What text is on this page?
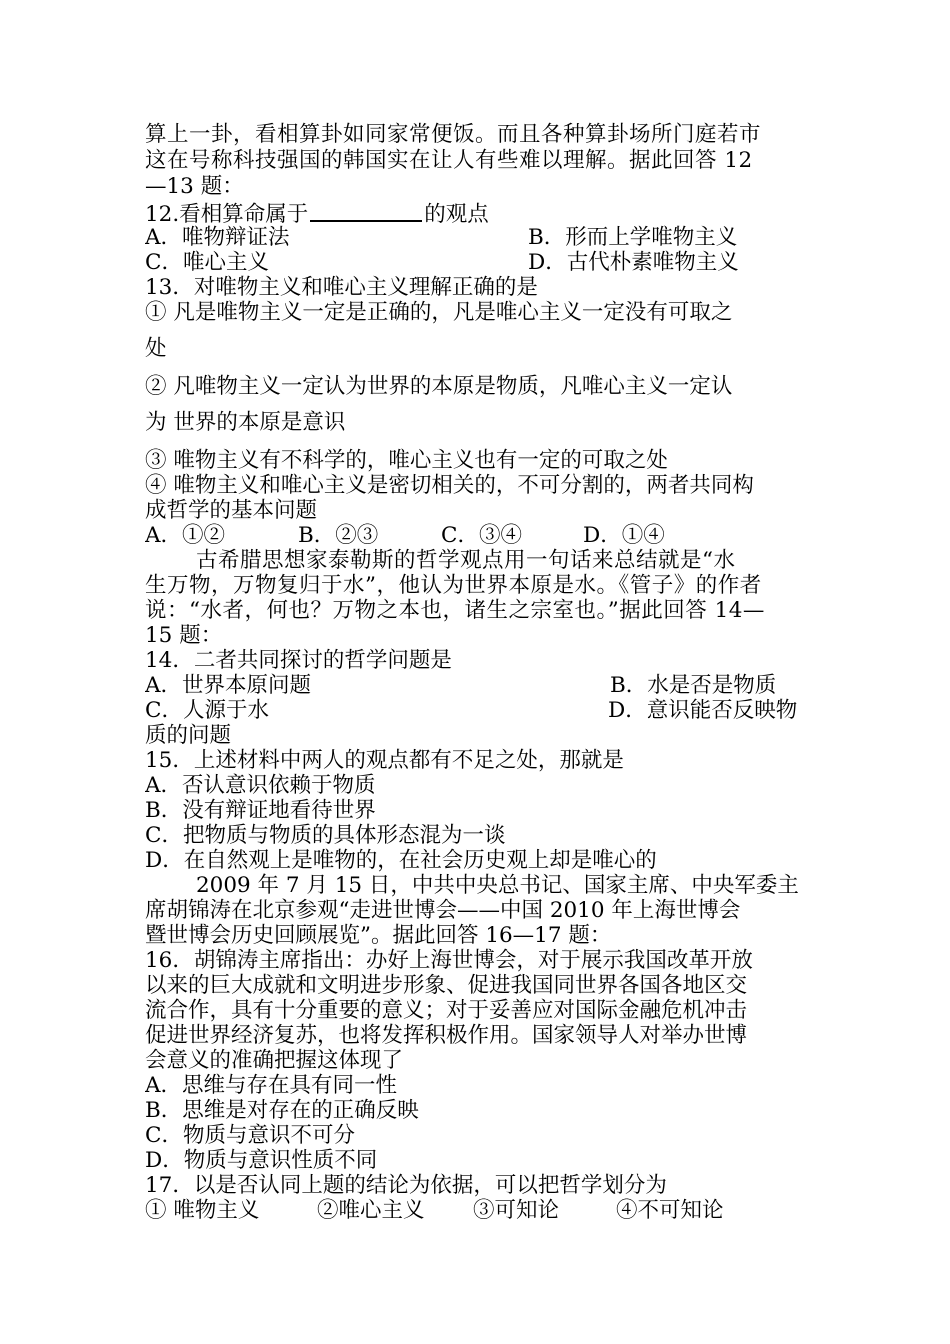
算上一卦，看相算卦如同家常便饭。而且各种算卦场所门庭若市
这在号称科技强国的韩国实在让人有些难以理解。据此回答 12
—13 题：
12.看相算命属于	的观点
A．唯物辩证法	B．形而上学唯物主义
C．唯心主义	D．古代朴素唯物主义
13．对唯物主义和唯心主义理解正确的是
① 凡是唯物主义一定是正确的，凡是唯心主义一定没有可取之
处
② 凡唯物主义一定认为世界的本原是物质，凡唯心主义一定认
为 世界的本原是意识
③ 唯物主义有不科学的，唯心主义也有一定的可取之处
④ 唯物主义和唯心主义是密切相关的，不可分割的，两者共同构
成哲学的基本问题
A．①②	B．②③	C．③④	D．①④
古希腊思想家泰勒斯的哲学观点用一句话来总结就是“水
生万物，万物复归于水”，他认为世界本原是水。《管子》的作者
说：“水者，何也？万物之本也，诸生之宗室也。”据此回答 14—
15 题：
14．二者共同探讨的哲学问题是
A．世界本原问题	B．水是否是物质
C．人源于水	D．意识能否反映物
质的问题
15．上述材料中两人的观点都有不足之处，那就是
A．否认意识依赖于物质
B．没有辩证地看待世界
C．把物质与物质的具体形态混为一谈
D．在自然观上是唯物的，在社会历史观上却是唯心的
2009 年 7 月 15 日，中共中央总书记、国家主席、中央军委主
席胡锦涛在北京参观“走进世博会——中国 2010 年上海世博会
暨世博会历史回顾展览”。据此回答 16—17 题：
16．胡锦涛主席指出：办好上海世博会，对于展示我国改革开放
以来的巨大成就和文明进步形象、促进我国同世界各国各地区交
流合作，具有十分重要的意义；对于妥善应对国际金融危机冲击
促进世界经济复苏，也将发挥积极作用。国家领导人对举办世博
会意义的准确把握这体现了
A．思维与存在具有同一性
B．思维是对存在的正确反映
C．物质与意识不可分
D．物质与意识性质不同
17．以是否认同上题的结论为依据，可以把哲学划分为
① 唯物主义	②唯心主义 ③可知论	④不可知论
